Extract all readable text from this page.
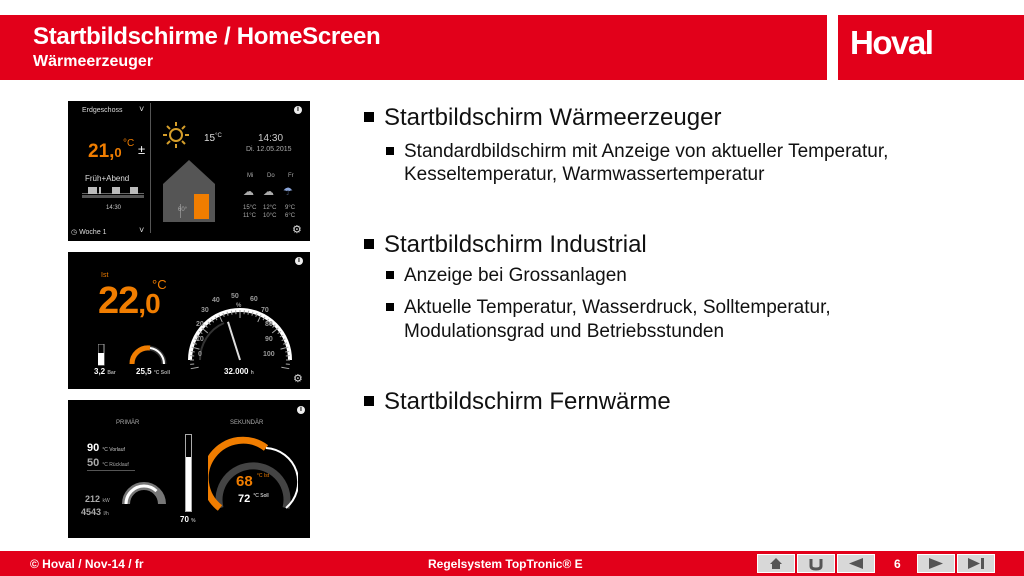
Startbildschirme / HomeScreen
Wärmeerzeuger
Hoval
Erdgeschoss ˅	i
21,0
°C ±
Früh+Abend
14:30
◷ Woche 1	˅
$15^{^\circ C}$
60°
14:30
Di. 12.05.2015
Mi Do Fr
☁ ☁ ☂
15°C 12°C 9°C
11°C 10°C 6°C
⚙
i
Ist
22,0
°C
0
10
20
30
40
50 60
70
80
90
100
%
3,2 Bar	25,5 °C Soll	32.000 h	⚙
i
PRIMÄR	SEKUNDÄR
90 °C Vorlauf
50 °C Rücklauf
212 kW
4543 l/h
70 %
68 $^{^\circ C Ist}$
72 $^{^\circ C Soll}$
Startbildschirm Wärmeerzeuger
Standardbildschirm mit Anzeige von aktueller Temperatur,
Kesseltemperatur, Warmwassertemperatur
Startbildschirm Industrial
Anzeige bei Grossanlagen
Aktuelle Temperatur, Wasserdruck, Solltemperatur,
Modulationsgrad und Betriebsstunden
Startbildschirm Fernwärme
© Hoval / Nov-14 / fr	Regelsystem TopTronic® E	6
